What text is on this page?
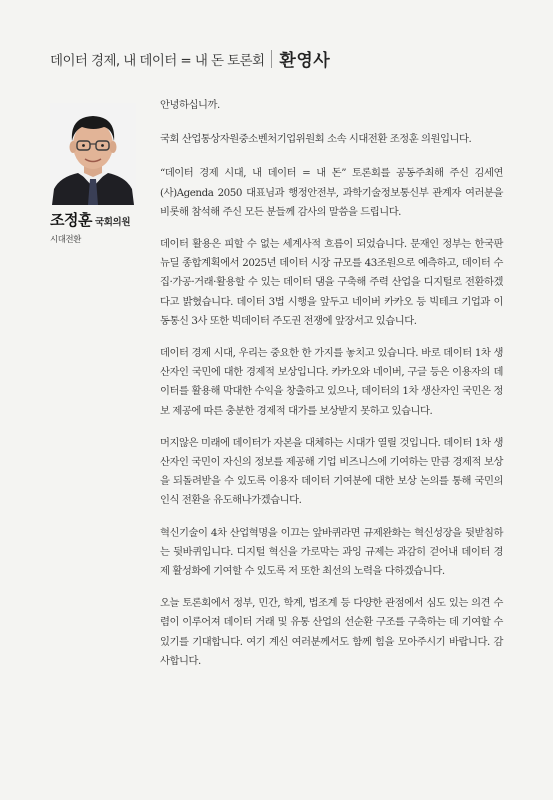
데이터 경제, 내 데이터 = 내 돈 토론회 환영사
조정훈 국회의원
시대전환

안녕하십니까.

국회 산업통상자원중소벤처기업위원회 소속 시대전환 조정훈 의원입니다.

“데이터 경제 시대, 내 데이터 = 내 돈” 토론회를 공동주최해 주신 김세연 (사)Agenda 2050 대표님과 행정안전부, 과학기술정보통신부 관계자 여러분을 비롯해 참석해 주신 모든 분들께 감사의 말씀을 드립니다.

데이터 활용은 피할 수 없는 세계사적 흐름이 되었습니다. 문재인 정부는 한국판 뉴딜 종합계획에서 2025년 데이터 시장 규모를 43조원으로 예측하고, 데이터 수집·가공·거래·활용할 수 있는 데이터 댐을 구축해 주력 산업을 디지털로 전환하겠다고 밝혔습니다. 데이터 3법 시행을 앞두고 네이버 카카오 등 빅테크 기업과 이동통신 3사 또한 빅데이터 주도권 전쟁에 앞장서고 있습니다.

데이터 경제 시대, 우리는 중요한 한 가지를 놓치고 있습니다. 바로 데이터 1차 생산자인 국민에 대한 경제적 보상입니다. 카카오와 네이버, 구글 등은 이용자의 데이터를 활용해 막대한 수익을 창출하고 있으나, 데이터의 1차 생산자인 국민은 정보 제공에 따른 충분한 경제적 대가를 보상받지 못하고 있습니다.

머지않은 미래에 데이터가 자본을 대체하는 시대가 열릴 것입니다. 데이터 1차 생산자인 국민이 자신의 정보를 제공해 기업 비즈니스에 기여하는 만큼 경제적 보상을 되돌려받을 수 있도록 이용자 데이터 기여분에 대한 보상 논의를 통해 국민의 인식 전환을 유도해나가겠습니다.

혁신기술이 4차 산업혁명을 이끄는 앞바퀴라면 규제완화는 혁신성장을 뒷받침하는 뒷바퀴입니다. 디지털 혁신을 가로막는 과잉 규제는 과감히 걷어내 데이터 경제 활성화에 기여할 수 있도록 저 또한 최선의 노력을 다하겠습니다.

오늘 토론회에서 정부, 민간, 학계, 법조계 등 다양한 관점에서 심도 있는 의견 수렴이 이루어져 데이터 거래 및 유통 산업의 선순환 구조를 구축하는 데 기여할 수 있기를 기대합니다. 여기 계신 여러분께서도 함께 힘을 모아주시기 바랍니다. 감사합니다.
